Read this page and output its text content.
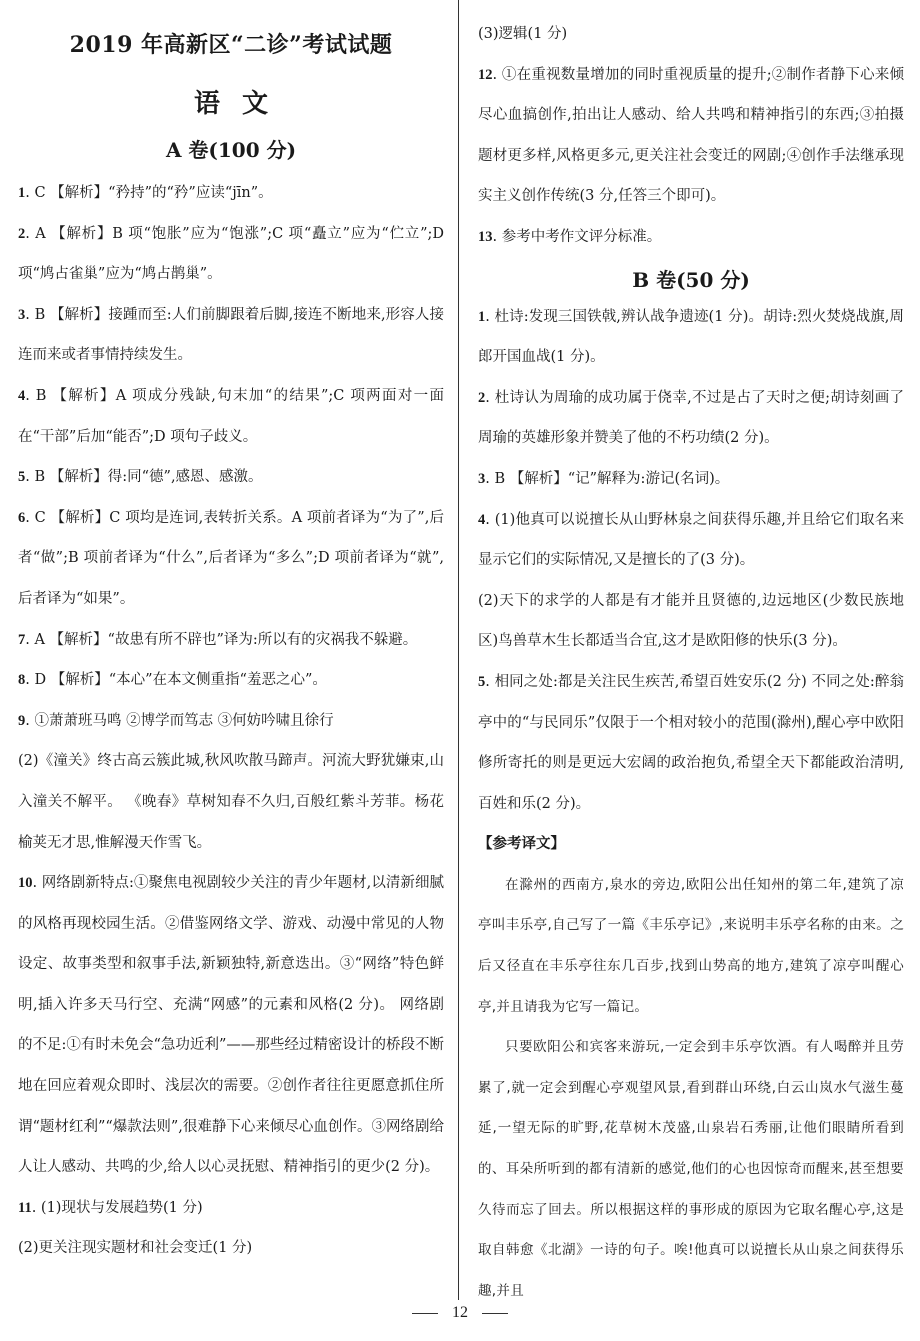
2019 年高新区“二诊”考试试题
语文
A 卷(100 分)

1. C 【解析】“矜持”的“矜”应读“jīn”。

2. A 【解析】B 项“饱胀”应为“饱涨”;C 项“矗立”应为“伫立”;D 项“鸠占雀巢”应为“鸠占鹊巢”。

3. B 【解析】接踵而至:人们前脚跟着后脚,接连不断地来,形容人接连而来或者事情持续发生。

4. B 【解析】A 项成分残缺,句末加“的结果”;C 项两面对一面在“干部”后加“能否”;D 项句子歧义。

5. B 【解析】得:同“德”,感恩、感激。

6. C 【解析】C 项均是连词,表转折关系。A 项前者译为“为了”,后者“做”;B 项前者译为“什么”,后者译为“多么”;D 项前者译为“就”,后者译为“如果”。

7. A 【解析】“故患有所不辟也”译为:所以有的灾祸我不躲避。

8. D 【解析】“本心”在本文侧重指“羞恶之心”。

9. ①萧萧班马鸣 ②博学而笃志 ③何妨吟啸且徐行

(2)《潼关》终古高云簇此城,秋风吹散马蹄声。河流大野犹嫌束,山入潼关不解平。 《晚春》草树知春不久归,百般红紫斗芳菲。杨花榆荚无才思,惟解漫天作雪飞。

10. 网络剧新特点:①聚焦电视剧较少关注的青少年题材,以清新细腻的风格再现校园生活。②借鉴网络文学、游戏、动漫中常见的人物设定、故事类型和叙事手法,新颖独特,新意迭出。③“网络”特色鲜明,插入许多天马行空、充满“网感”的元素和风格(2 分)。 网络剧的不足:①有时未免会“急功近利”——那些经过精密设计的桥段不断地在回应着观众即时、浅层次的需要。②创作者往往更愿意抓住所谓“题材红利”“爆款法则”,很难静下心来倾尽心血创作。③网络剧给人让人感动、共鸣的少,给人以心灵抚慰、精神指引的更少(2 分)。

11. (1)现状与发展趋势(1 分)

(2)更关注现实题材和社会变迁(1 分)

(3)逻辑(1 分)

12. ①在重视数量增加的同时重视质量的提升;②制作者静下心来倾尽心血搞创作,拍出让人感动、给人共鸣和精神指引的东西;③拍摄题材更多样,风格更多元,更关注社会变迁的网剧;④创作手法继承现实主义创作传统(3 分,任答三个即可)。

13. 参考中考作文评分标准。

B 卷(50 分)

1. 杜诗:发现三国铁戟,辨认战争遗迹(1 分)。胡诗:烈火焚烧战旗,周郎开国血战(1 分)。

2. 杜诗认为周瑜的成功属于侥幸,不过是占了天时之便;胡诗刻画了周瑜的英雄形象并赞美了他的不朽功绩(2 分)。

3. B 【解析】“记”解释为:游记(名词)。

4. (1)他真可以说擅长从山野林泉之间获得乐趣,并且给它们取名来显示它们的实际情况,又是擅长的了(3 分)。

(2)天下的求学的人都是有才能并且贤德的,边远地区(少数民族地区)鸟兽草木生长都适当合宜,这才是欧阳修的快乐(3 分)。

5. 相同之处:都是关注民生疾苦,希望百姓安乐(2 分) 不同之处:醉翁亭中的“与民同乐”仅限于一个相对较小的范围(滁州),醒心亭中欧阳修所寄托的则是更远大宏阔的政治抱负,希望全天下都能政治清明,百姓和乐(2 分)。

【参考译文】

在滁州的西南方,泉水的旁边,欧阳公出任知州的第二年,建筑了凉亭叫丰乐亭,自己写了一篇《丰乐亭记》,来说明丰乐亭名称的由来。之后又径直在丰乐亭往东几百步,找到山势高的地方,建筑了凉亭叫醒心亭,并且请我为它写一篇记。

只要欧阳公和宾客来游玩,一定会到丰乐亭饮酒。有人喝醉并且劳累了,就一定会到醒心亭观望风景,看到群山环绕,白云山岚水气滋生蔓延,一望无际的旷野,花草树木茂盛,山泉岩石秀丽,让他们眼睛所看到的、耳朵所听到的都有清新的感觉,他们的心也因惊奇而醒来,甚至想要久待而忘了回去。所以根据这样的事形成的原因为它取名醒心亭,这是取自韩愈《北湖》一诗的句子。唉!他真可以说擅长从山泉之间获得乐趣,并且

12
